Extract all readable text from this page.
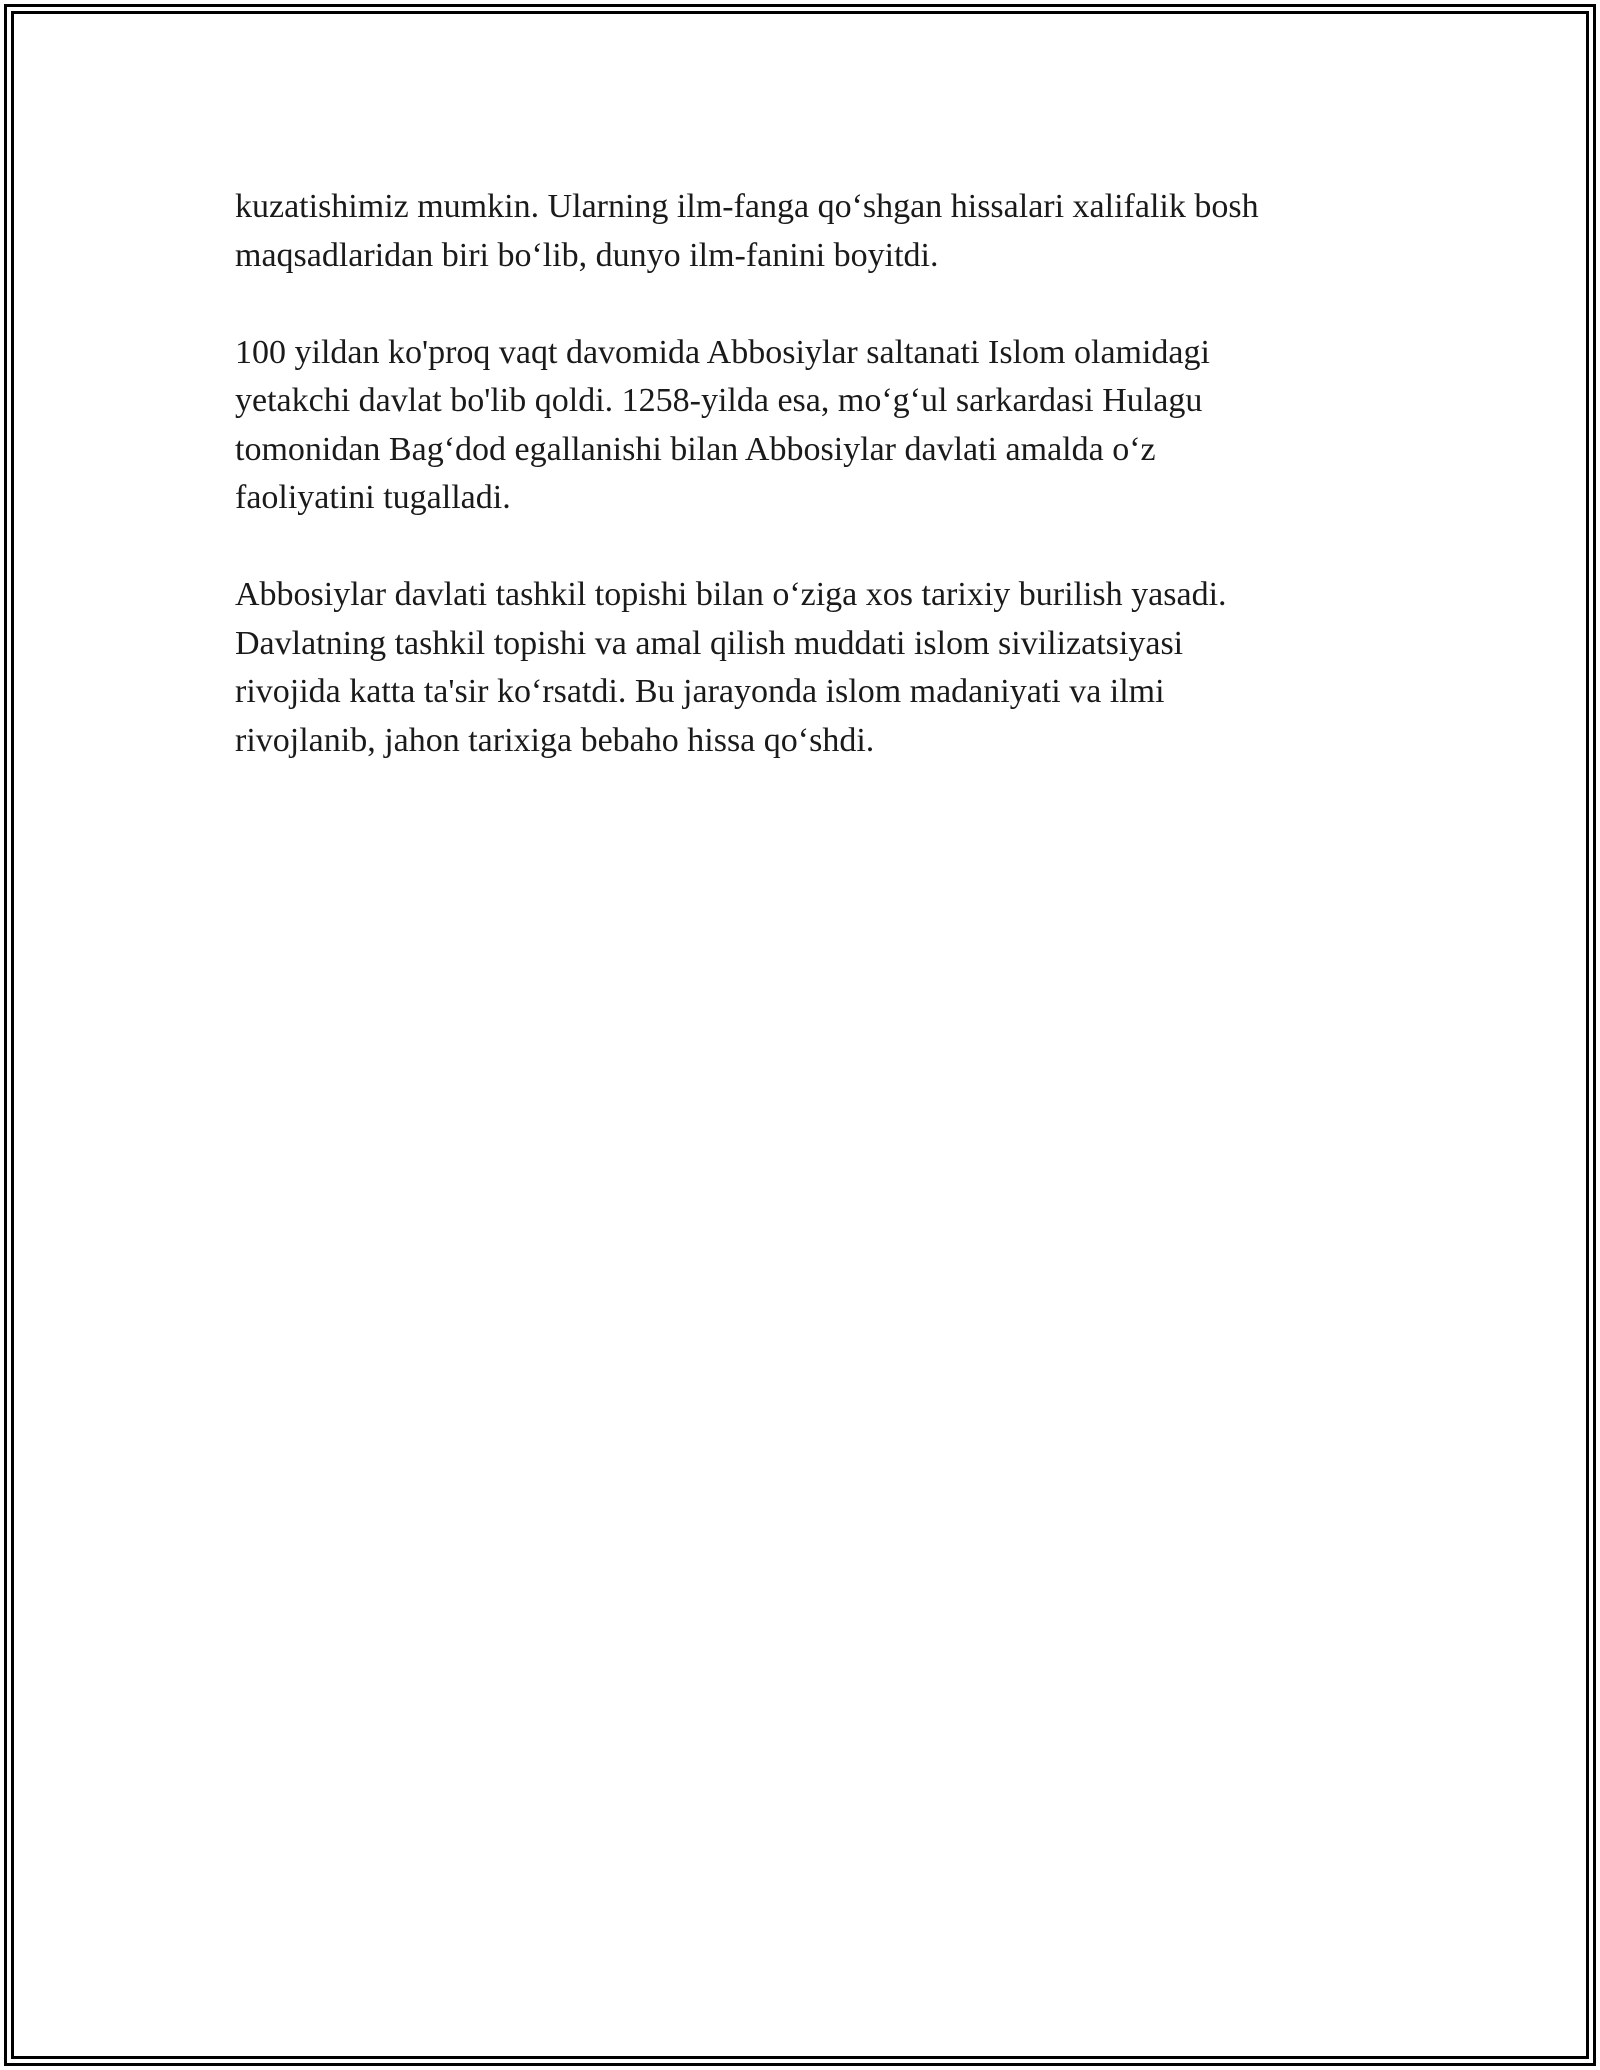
kuzatishimiz mumkin. Ularning ilm-fanga qo‘shgan hissalari xalifalik bosh
maqsadlaridan biri bo‘lib, dunyo ilm-fanini boyitdi.

100 yildan ko'proq vaqt davomida Abbosiylar saltanati Islom olamidagi
yetakchi davlat bo'lib qoldi. 1258-yilda esa, mo‘g‘ul sarkardasi Hulagu
tomonidan Bag‘dod egallanishi bilan Abbosiylar davlati amalda o‘z
faoliyatini tugalladi.

Abbosiylar davlati tashkil topishi bilan o‘ziga xos tarixiy burilish yasadi.
Davlatning tashkil topishi va amal qilish muddati islom sivilizatsiyasi
rivojida katta ta'sir ko‘rsatdi. Bu jarayonda islom madaniyati va ilmi
rivojlanib, jahon tarixiga bebaho hissa qo‘shdi.
